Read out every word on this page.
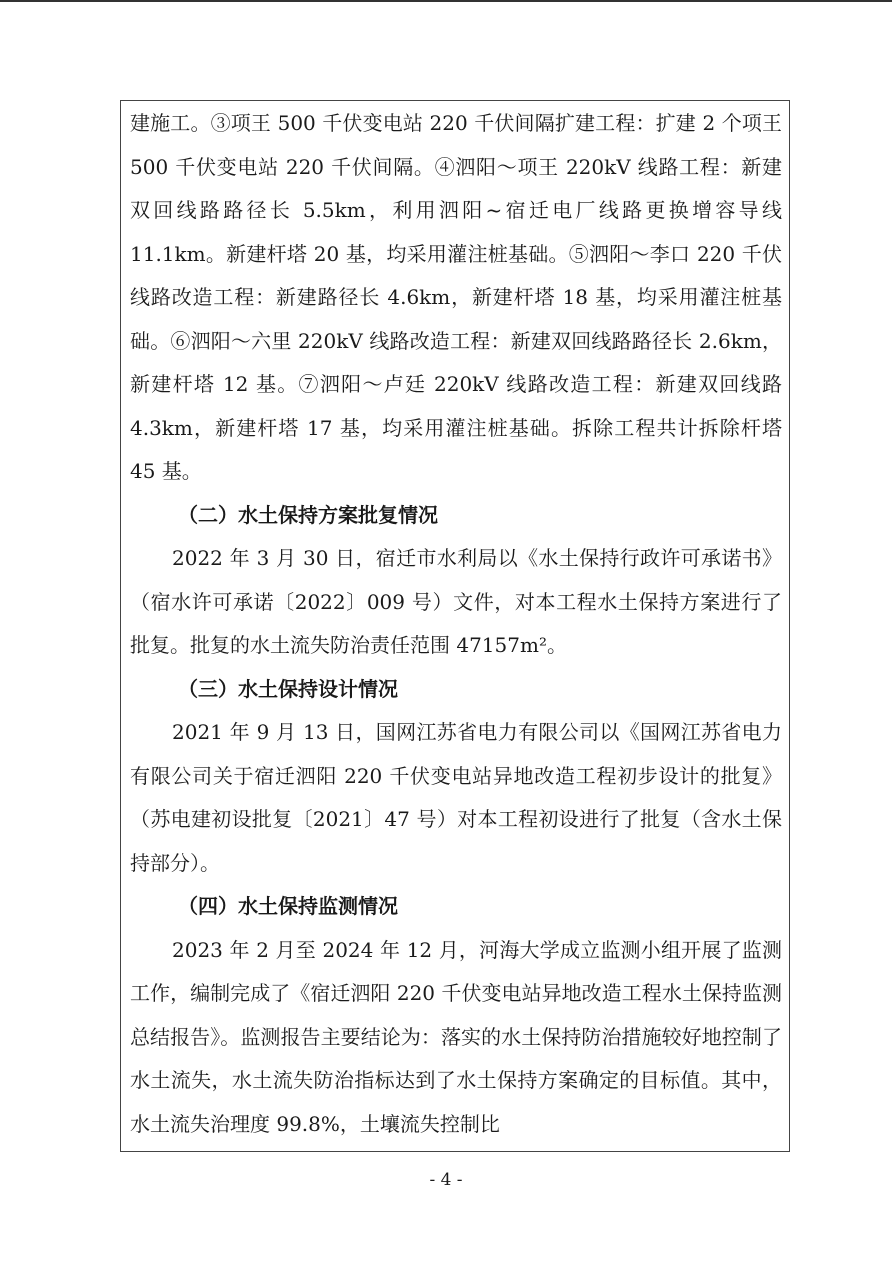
建施工。③项王 500 千伏变电站 220 千伏间隔扩建工程：扩建 2 个项王 500 千伏变电站 220 千伏间隔。④泗阳～项王 220kV 线路工程：新建双回线路路径长 5.5km，利用泗阳~宿迁电厂线路更换增容导线 11.1km。新建杆塔 20 基，均采用灌注桩基础。⑤泗阳～李口 220 千伏线路改造工程：新建路径长 4.6km，新建杆塔 18 基，均采用灌注桩基础。⑥泗阳～六里 220kV 线路改造工程：新建双回线路路径长 2.6km，新建杆塔 12 基。⑦泗阳～卢廷 220kV 线路改造工程：新建双回线路 4.3km，新建杆塔 17 基，均采用灌注桩基础。拆除工程共计拆除杆塔 45 基。

（二）水土保持方案批复情况

2022 年 3 月 30 日，宿迁市水利局以《水土保持行政许可承诺书》（宿水许可承诺〔2022〕009 号）文件，对本工程水土保持方案进行了批复。批复的水土流失防治责任范围 47157m²。

（三）水土保持设计情况

2021 年 9 月 13 日，国网江苏省电力有限公司以《国网江苏省电力有限公司关于宿迁泗阳 220 千伏变电站异地改造工程初步设计的批复》（苏电建初设批复〔2021〕47 号）对本工程初设进行了批复（含水土保持部分）。

（四）水土保持监测情况

2023 年 2 月至 2024 年 12 月，河海大学成立监测小组开展了监测工作，编制完成了《宿迁泗阳 220 千伏变电站异地改造工程水土保持监测总结报告》。监测报告主要结论为：落实的水土保持防治措施较好地控制了水土流失，水土流失防治指标达到了水土保持方案确定的目标值。其中，水土流失治理度 99.8%，土壤流失控制比

- 4 -
